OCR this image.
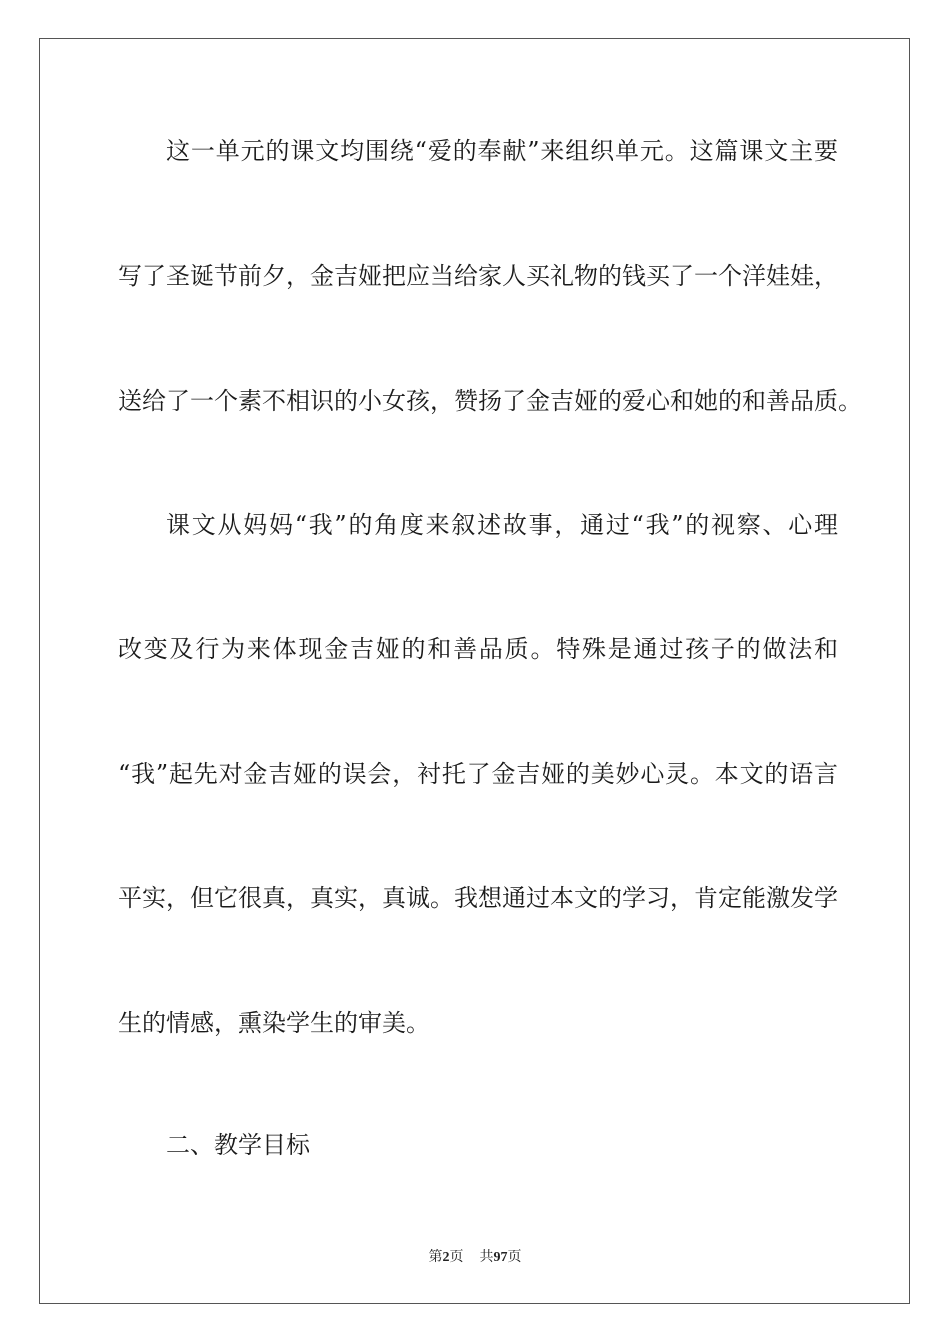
这一单元的课文均围绕“爱的奉献”来组织单元。这篇课文主要
写了圣诞节前夕，金吉娅把应当给家人买礼物的钱买了一个洋娃娃，
送给了一个素不相识的小女孩，赞扬了金吉娅的爱心和她的和善品质。
课文从妈妈“我”的角度来叙述故事，通过“我”的视察、心理
改变及行为来体现金吉娅的和善品质。特殊是通过孩子的做法和
“我”起先对金吉娅的误会，衬托了金吉娅的美妙心灵。本文的语言
平实，但它很真，真实，真诚。我想通过本文的学习，肯定能激发学
生的情感，熏染学生的审美。
二、教学目标
第2页 共97页
